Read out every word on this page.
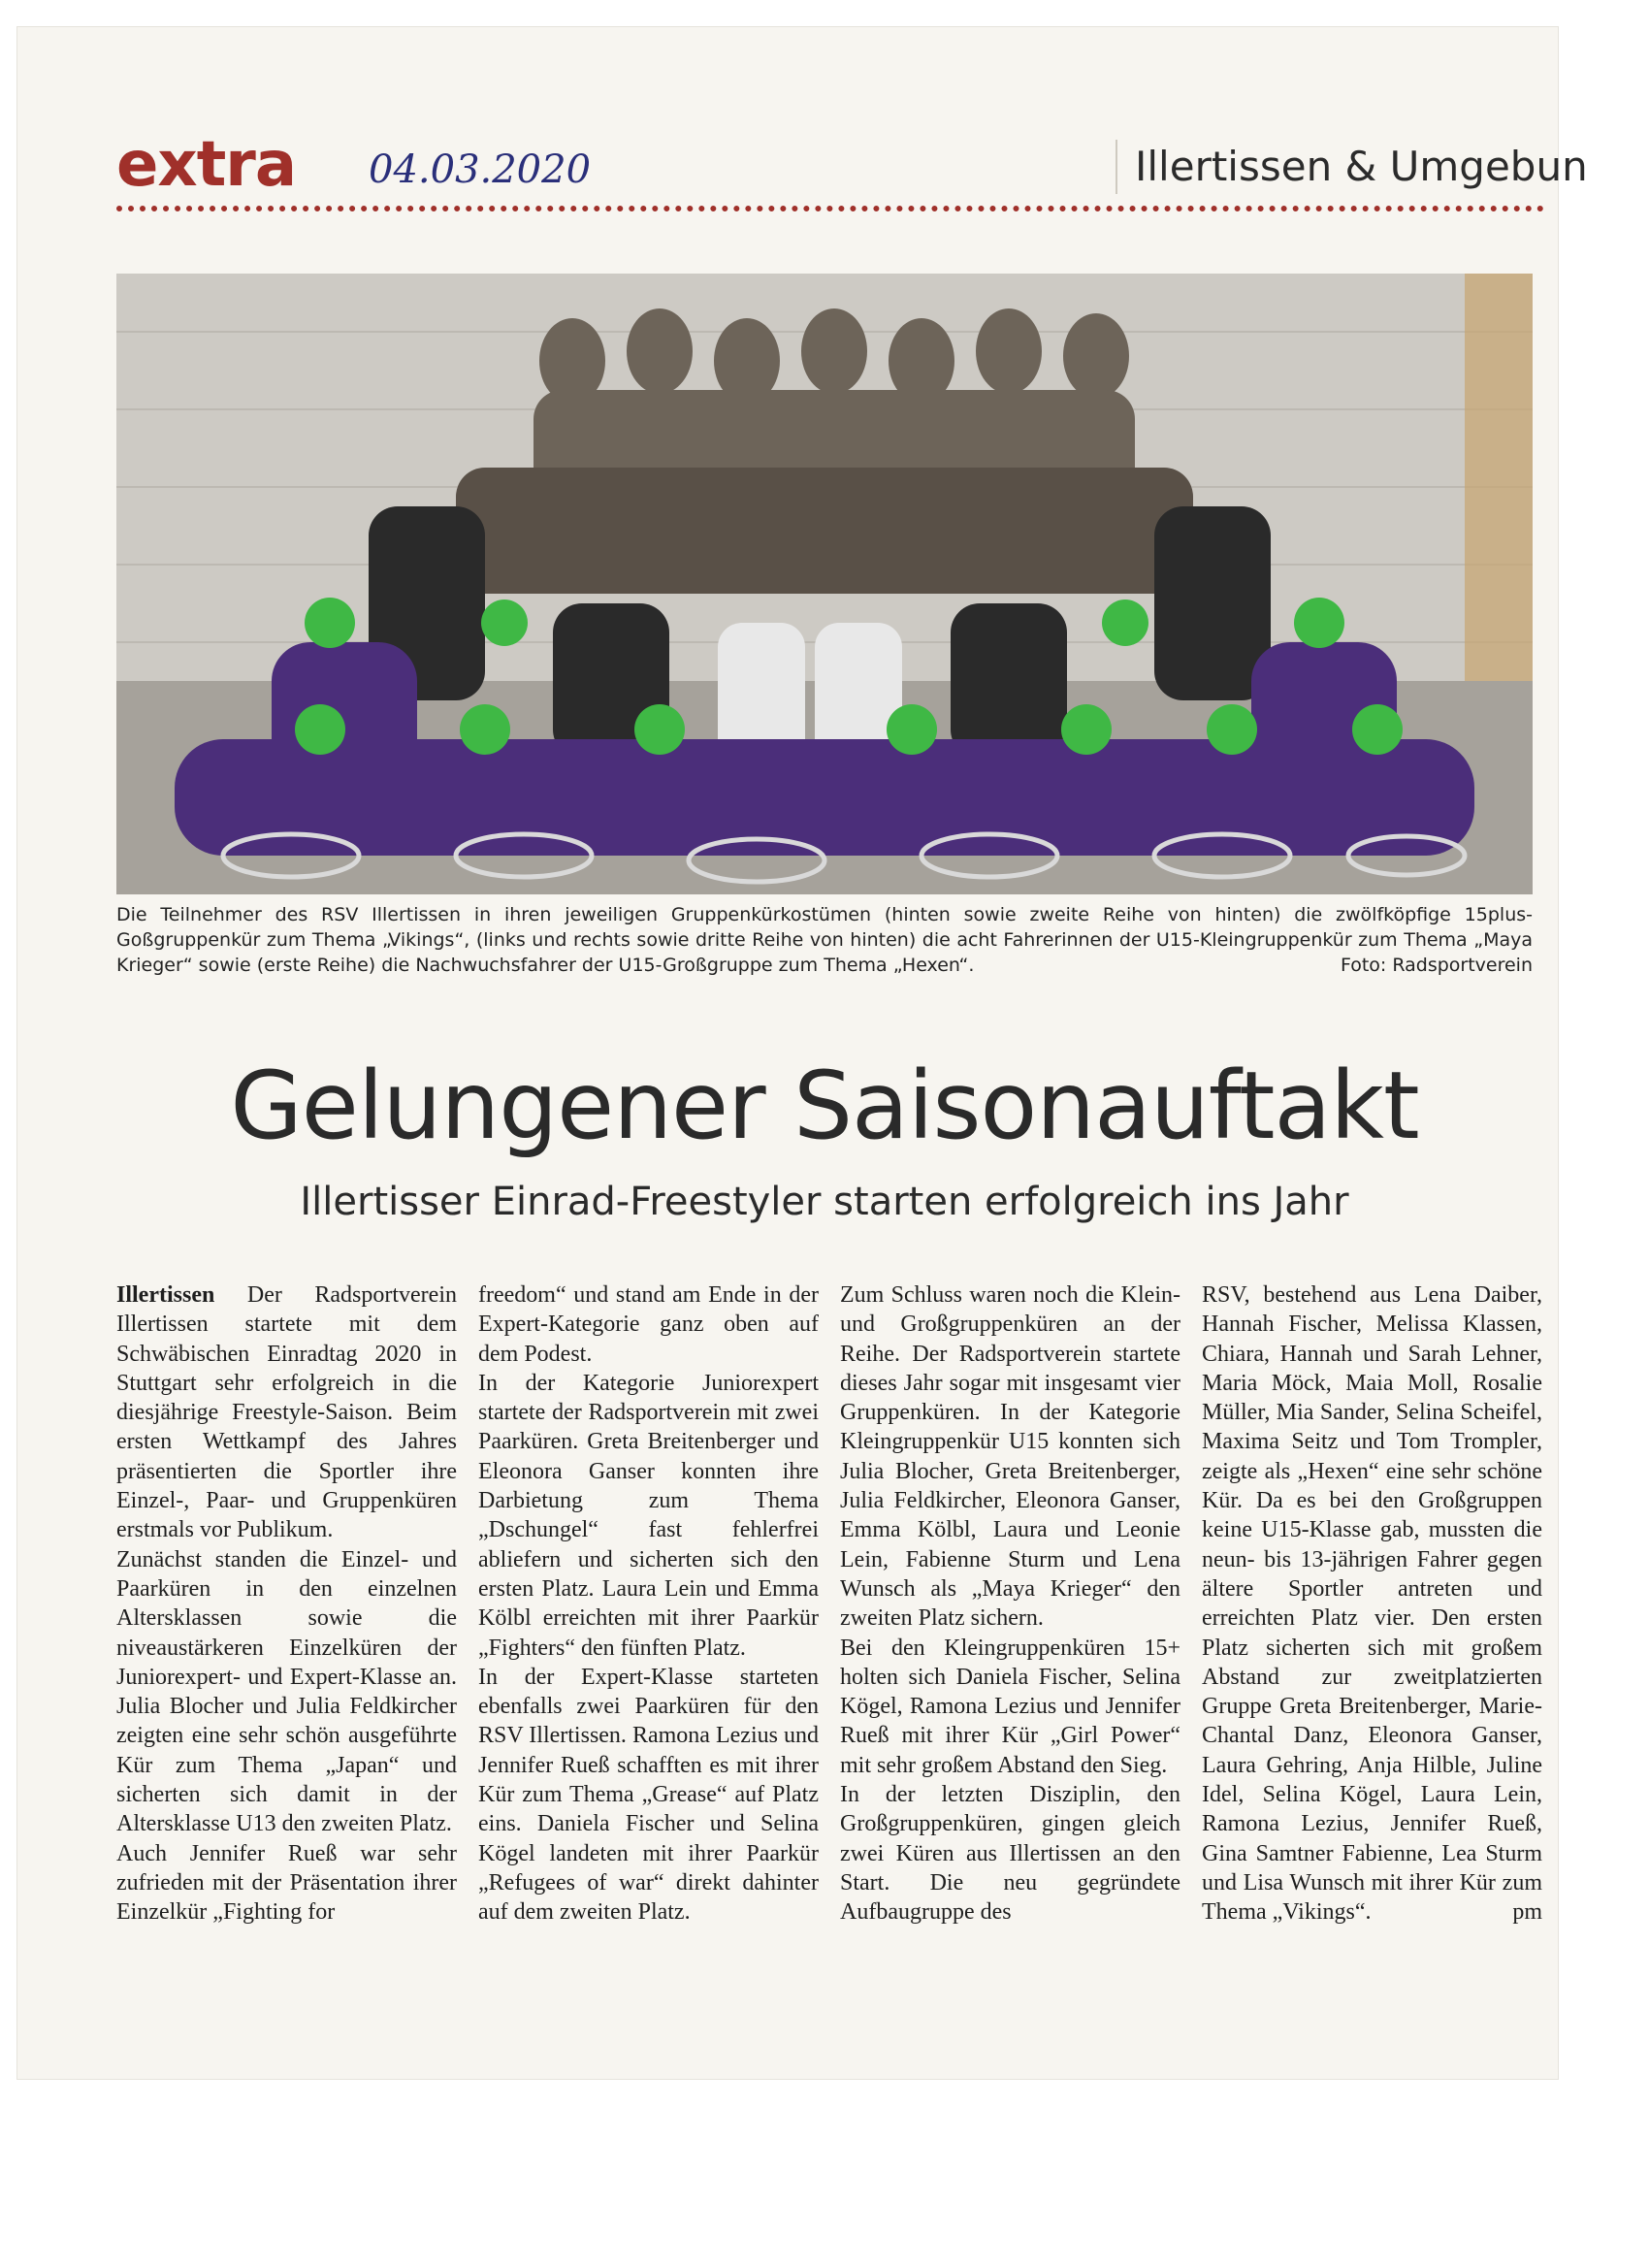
extra 04.03.2020	Illertissen & Umgebun
Die Teilnehmer des RSV Illertissen in ihren jeweiligen Gruppenkürkostümen (hinten sowie zweite Reihe von hinten) die zwölfköpfige 15plus-Goßgruppenkür zum Thema „Vikings“, (links und rechts sowie dritte Reihe von hinten) die acht Fahrerinnen der U15-Kleingruppenkür zum Thema „Maya Krieger“ sowie (erste Reihe) die Nachwuchsfahrer der U15-Großgruppe zum Thema „Hexen“.	Foto: Radsportverein
Gelungener Saisonauftakt
Illertisser Einrad-Freestyler starten erfolgreich ins Jahr

Illertissen Der Radsportverein Illertissen startete mit dem Schwäbischen Einradtag 2020 in Stuttgart sehr erfolgreich in die diesjährige Freestyle-Saison. Beim ersten Wettkampf des Jahres präsentierten die Sportler ihre Einzel-, Paar- und Gruppenküren erstmals vor Publikum.

Zunächst standen die Einzel- und Paarküren in den einzelnen Altersklassen sowie die niveaustärkeren Einzelküren der Juniorexpert- und Expert-Klasse an. Julia Blocher und Julia Feldkircher zeigten eine sehr schön ausgeführte Kür zum Thema „Japan“ und sicherten sich damit in der Altersklasse U13 den zweiten Platz.

Auch Jennifer Rueß war sehr zufrieden mit der Präsentation ihrer Einzelkür „Fighting for

freedom“ und stand am Ende in der Expert-Kategorie ganz oben auf dem Podest.

In der Kategorie Juniorexpert startete der Radsportverein mit zwei Paarküren. Greta Breitenberger und Eleonora Ganser konnten ihre Darbietung zum Thema „Dschungel“ fast fehlerfrei abliefern und sicherten sich den ersten Platz. Laura Lein und Emma Kölbl erreichten mit ihrer Paarkür „Fighters“ den fünften Platz.

In der Expert-Klasse starteten ebenfalls zwei Paarküren für den RSV Illertissen. Ramona Lezius und Jennifer Rueß schafften es mit ihrer Kür zum Thema „Grease“ auf Platz eins. Daniela Fischer und Selina Kögel landeten mit ihrer Paarkür „Refugees of war“ direkt dahinter auf dem zweiten Platz.

Zum Schluss waren noch die Klein- und Großgruppenküren an der Reihe. Der Radsportverein startete dieses Jahr sogar mit insgesamt vier Gruppenküren. In der Kategorie Kleingruppenkür U15 konnten sich Julia Blocher, Greta Breitenberger, Julia Feldkircher, Eleonora Ganser, Emma Kölbl, Laura und Leonie Lein, Fabienne Sturm und Lena Wunsch als „Maya Krieger“ den zweiten Platz sichern.

Bei den Kleingruppenküren 15+ holten sich Daniela Fischer, Selina Kögel, Ramona Lezius und Jennifer Rueß mit ihrer Kür „Girl Power“ mit sehr großem Abstand den Sieg.

In der letzten Disziplin, den Großgruppenküren, gingen gleich zwei Küren aus Illertissen an den Start. Die neu gegründete Aufbaugruppe des

RSV, bestehend aus Lena Daiber, Hannah Fischer, Melissa Klassen, Chiara, Hannah und Sarah Lehner, Maria Möck, Maia Moll, Rosalie Müller, Mia Sander, Selina Scheifel, Maxima Seitz und Tom Trompler, zeigte als „Hexen“ eine sehr schöne Kür. Da es bei den Großgruppen keine U15-Klasse gab, mussten die neun- bis 13-jährigen Fahrer gegen ältere Sportler antreten und erreichten Platz vier. Den ersten Platz sicherten sich mit großem Abstand zur zweitplatzierten Gruppe Greta Breitenberger, Marie-Chantal Danz, Eleonora Ganser, Laura Gehring, Anja Hilble, Juline Idel, Selina Kögel, Laura Lein, Ramona Lezius, Jennifer Rueß, Gina Samtner Fabienne, Lea Sturm und Lisa Wunsch mit ihrer Kür zum Thema „Vikings“.	pm
